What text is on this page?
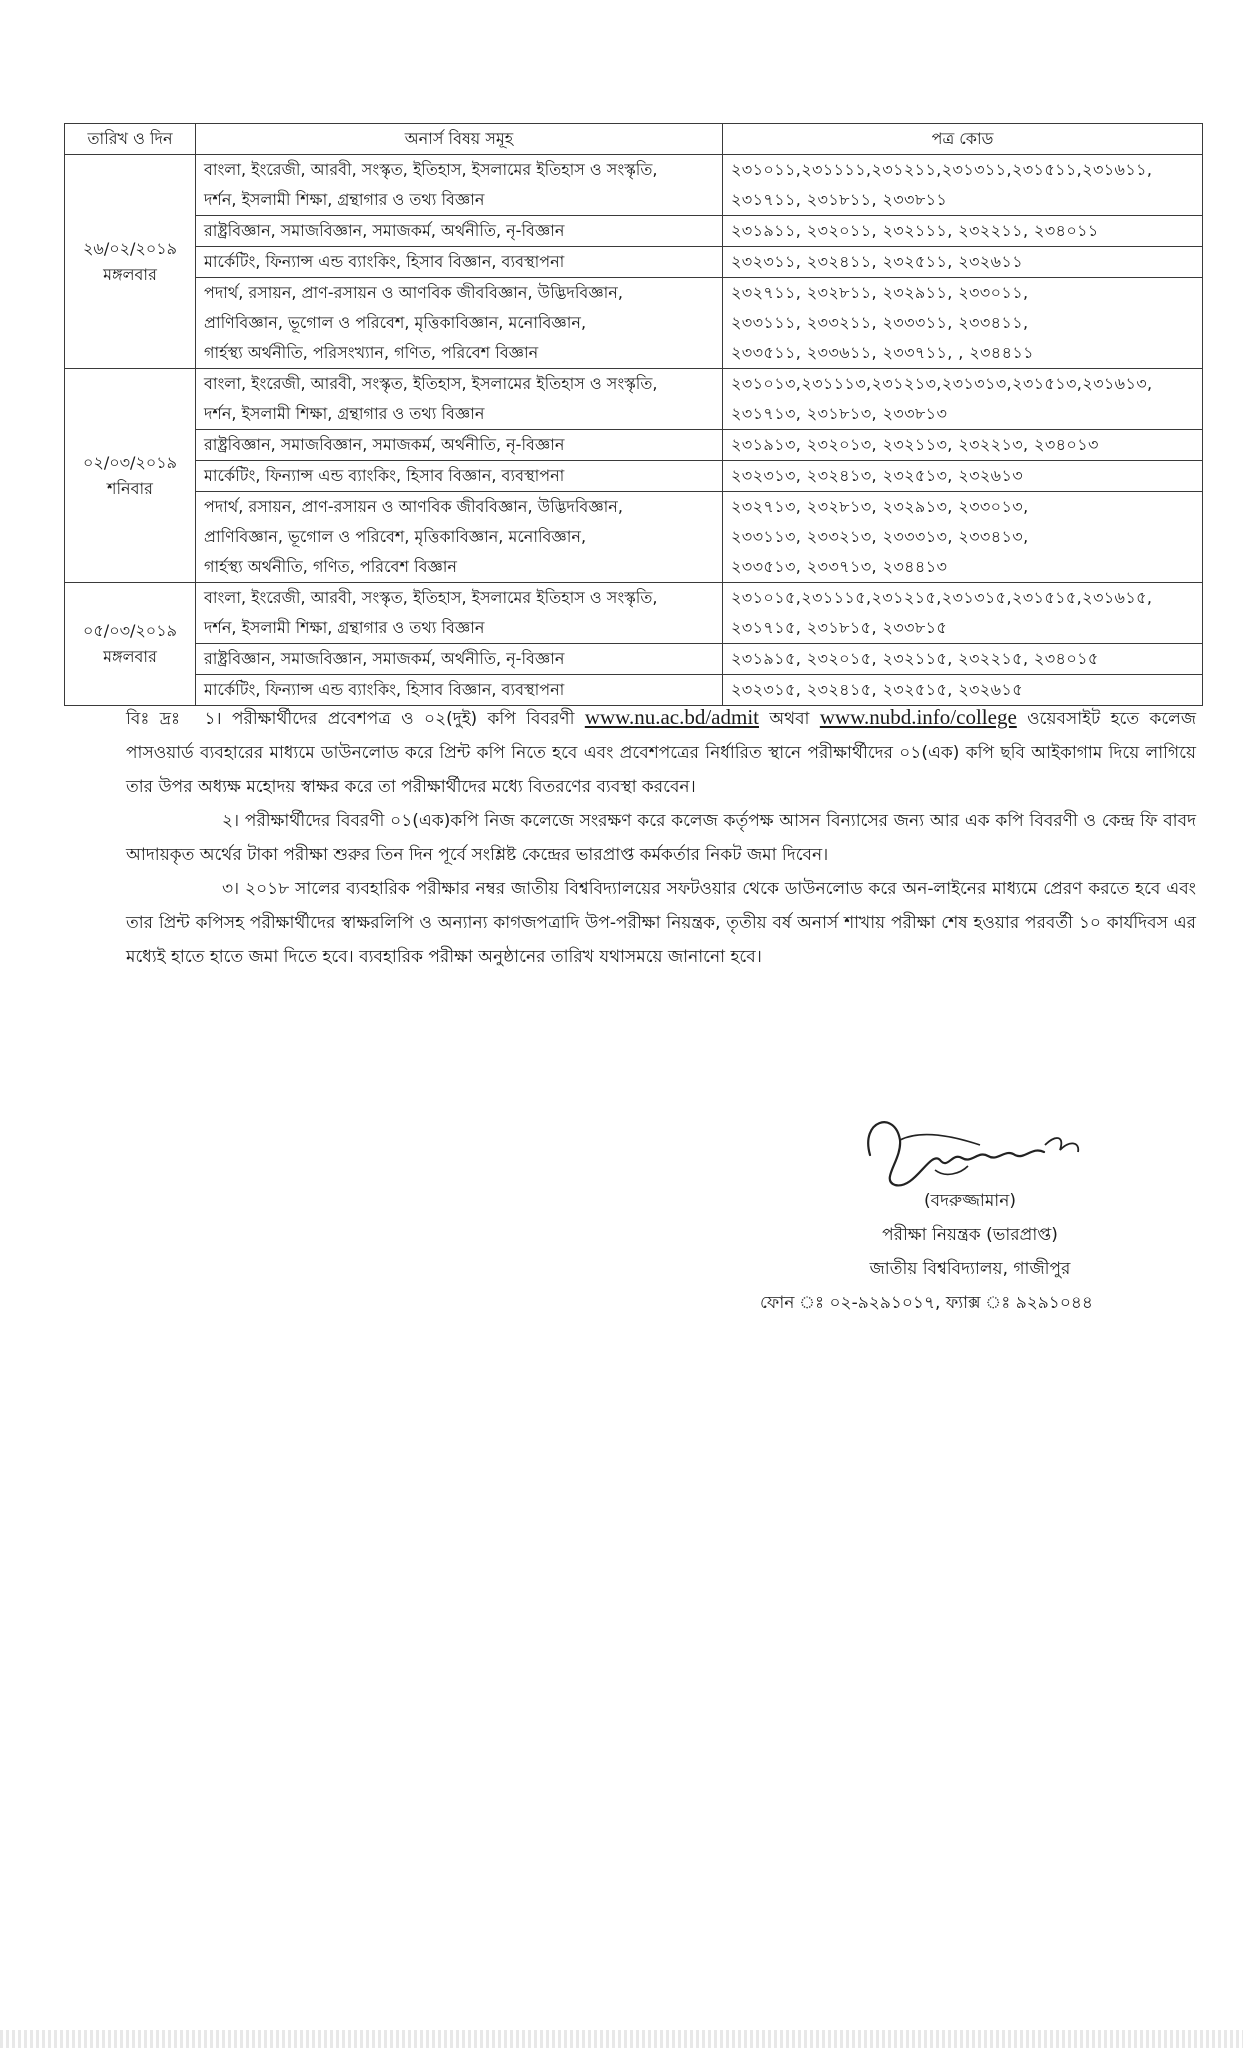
তারিখ ও দিন	অনার্স বিষয় সমূহ	পত্র কোড

২৬/০২/২০১৯
মঙ্গলবার	বাংলা, ইংরেজী, আরবী, সংস্কৃত, ইতিহাস, ইসলামের ইতিহাস ও সংস্কৃতি,
দর্শন, ইসলামী শিক্ষা, গ্রন্থাগার ও তথ্য বিজ্ঞান	২৩১০১১,২৩১১১১,২৩১২১১,২৩১৩১১,২৩১৫১১,২৩১৬১১,
২৩১৭১১, ২৩১৮১১, ২৩৩৮১১

	রাষ্ট্রবিজ্ঞান, সমাজবিজ্ঞান, সমাজকর্ম, অর্থনীতি, নৃ-বিজ্ঞান	২৩১৯১১, ২৩২০১১, ২৩২১১১, ২৩২২১১, ২৩৪০১১

	মার্কেটিং, ফিন্যান্স এন্ড ব্যাংকিং, হিসাব বিজ্ঞান, ব্যবস্থাপনা	২৩২৩১১, ২৩২৪১১, ২৩২৫১১, ২৩২৬১১

	পদার্থ, রসায়ন, প্রাণ-রসায়ন ও আণবিক জীববিজ্ঞান, উদ্ভিদবিজ্ঞান,
প্রাণিবিজ্ঞান, ভূগোল ও পরিবেশ, মৃত্তিকাবিজ্ঞান, মনোবিজ্ঞান,
গার্হস্থ্য অর্থনীতি, পরিসংখ্যান, গণিত, পরিবেশ বিজ্ঞান	২৩২৭১১, ২৩২৮১১, ২৩২৯১১, ২৩৩০১১,
২৩৩১১১, ২৩৩২১১, ২৩৩৩১১, ২৩৩৪১১,
২৩৩৫১১, ২৩৩৬১১, ২৩৩৭১১, , ২৩৪৪১১

০২/০৩/২০১৯
শনিবার	বাংলা, ইংরেজী, আরবী, সংস্কৃত, ইতিহাস, ইসলামের ইতিহাস ও সংস্কৃতি,
দর্শন, ইসলামী শিক্ষা, গ্রন্থাগার ও তথ্য বিজ্ঞান	২৩১০১৩,২৩১১১৩,২৩১২১৩,২৩১৩১৩,২৩১৫১৩,২৩১৬১৩,
২৩১৭১৩, ২৩১৮১৩, ২৩৩৮১৩

	রাষ্ট্রবিজ্ঞান, সমাজবিজ্ঞান, সমাজকর্ম, অর্থনীতি, নৃ-বিজ্ঞান	২৩১৯১৩, ২৩২০১৩, ২৩২১১৩, ২৩২২১৩, ২৩৪০১৩

	মার্কেটিং, ফিন্যান্স এন্ড ব্যাংকিং, হিসাব বিজ্ঞান, ব্যবস্থাপনা	২৩২৩১৩, ২৩২৪১৩, ২৩২৫১৩, ২৩২৬১৩

	পদার্থ, রসায়ন, প্রাণ-রসায়ন ও আণবিক জীববিজ্ঞান, উদ্ভিদবিজ্ঞান,
প্রাণিবিজ্ঞান, ভূগোল ও পরিবেশ, মৃত্তিকাবিজ্ঞান, মনোবিজ্ঞান,
গার্হস্থ্য অর্থনীতি, গণিত, পরিবেশ বিজ্ঞান	২৩২৭১৩, ২৩২৮১৩, ২৩২৯১৩, ২৩৩০১৩,
২৩৩১১৩, ২৩৩২১৩, ২৩৩৩১৩, ২৩৩৪১৩,
২৩৩৫১৩, ২৩৩৭১৩, ২৩৪৪১৩

০৫/০৩/২০১৯
মঙ্গলবার	বাংলা, ইংরেজী, আরবী, সংস্কৃত, ইতিহাস, ইসলামের ইতিহাস ও সংস্কৃতি,
দর্শন, ইসলামী শিক্ষা, গ্রন্থাগার ও তথ্য বিজ্ঞান	২৩১০১৫,২৩১১১৫,২৩১২১৫,২৩১৩১৫,২৩১৫১৫,২৩১৬১৫,
২৩১৭১৫, ২৩১৮১৫, ২৩৩৮১৫

	রাষ্ট্রবিজ্ঞান, সমাজবিজ্ঞান, সমাজকর্ম, অর্থনীতি, নৃ-বিজ্ঞান	২৩১৯১৫, ২৩২০১৫, ২৩২১১৫, ২৩২২১৫, ২৩৪০১৫

	মার্কেটিং, ফিন্যান্স এন্ড ব্যাংকিং, হিসাব বিজ্ঞান, ব্যবস্থাপনা	২৩২৩১৫, ২৩২৪১৫, ২৩২৫১৫, ২৩২৬১৫

বিঃ দ্রঃ ১। পরীক্ষার্থীদের প্রবেশপত্র ও ০২(দুই) কপি বিবরণী www.nu.ac.bd/admit অথবা www.nubd.info/college ওয়েবসাইট হতে কলেজ পাসওয়ার্ড ব্যবহারের মাধ্যমে ডাউনলোড করে প্রিন্ট কপি নিতে হবে এবং প্রবেশপত্রের নির্ধারিত স্থানে পরীক্ষার্থীদের ০১(এক) কপি ছবি আইকাগাম দিয়ে লাগিয়ে তার উপর অধ্যক্ষ মহোদয় স্বাক্ষর করে তা পরীক্ষার্থীদের মধ্যে বিতরণের ব্যবস্থা করবেন।

২। পরীক্ষার্থীদের বিবরণী ০১(এক)কপি নিজ কলেজে সংরক্ষণ করে কলেজ কর্তৃপক্ষ আসন বিন্যাসের জন্য আর এক কপি বিবরণী ও কেন্দ্র ফি বাবদ আদায়কৃত অর্থের টাকা পরীক্ষা শুরুর তিন দিন পূর্বে সংশ্লিষ্ট কেন্দ্রের ভারপ্রাপ্ত কর্মকর্তার নিকট জমা দিবেন।

৩। ২০১৮ সালের ব্যবহারিক পরীক্ষার নম্বর জাতীয় বিশ্ববিদ্যালয়ের সফটওয়ার থেকে ডাউনলোড করে অন-লাইনের মাধ্যমে প্রেরণ করতে হবে এবং তার প্রিন্ট কপিসহ পরীক্ষার্থীদের স্বাক্ষরলিপি ও অন্যান্য কাগজপত্রাদি উপ-পরীক্ষা নিয়ন্ত্রক, তৃতীয় বর্ষ অনার্স শাখায় পরীক্ষা শেষ হওয়ার পরবর্তী ১০ কার্যদিবস এর মধ্যেই হাতে হাতে জমা দিতে হবে। ব্যবহারিক পরীক্ষা অনুষ্ঠানের তারিখ যথাসময়ে জানানো হবে।

(বদরুজ্জামান)
পরীক্ষা নিয়ন্ত্রক (ভারপ্রাপ্ত)
জাতীয় বিশ্ববিদ্যালয়, গাজীপুর
ফোন ঃ ০২-৯২৯১০১৭, ফ্যাক্স ঃ ৯২৯১০৪৪
